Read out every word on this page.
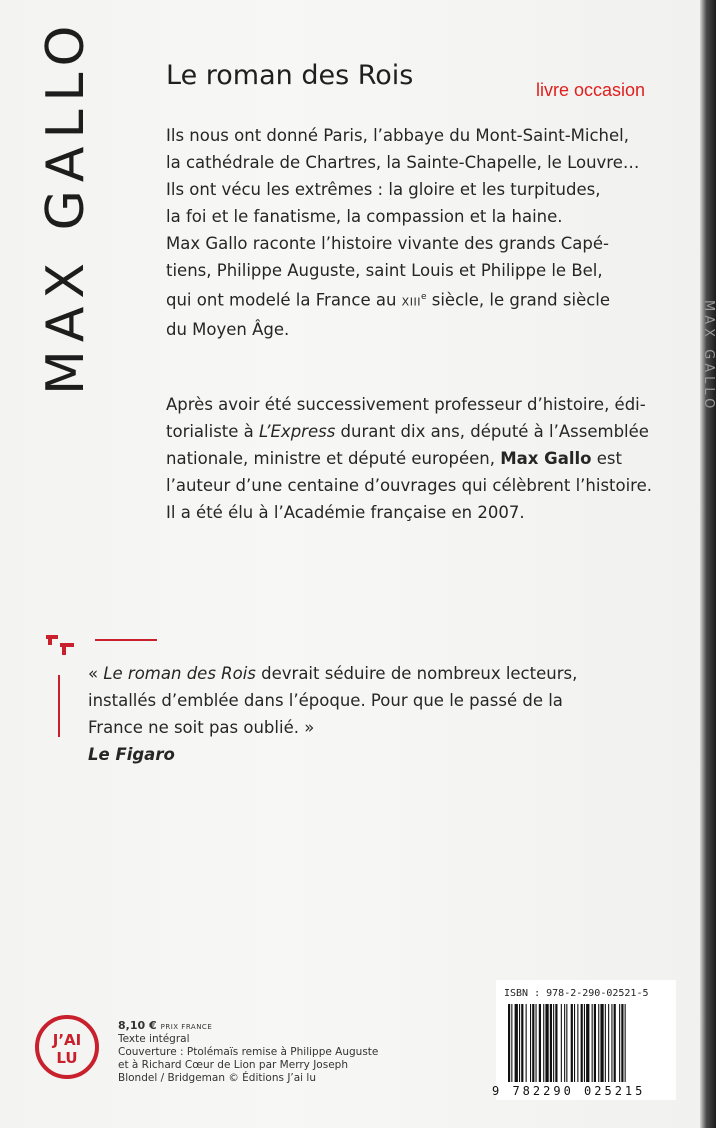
MAX GALLO
MAX GALLO	Le roman des Rois	livre occasion
Ils nous ont donné Paris, l’abbaye du Mont-Saint-Michel,
la cathédrale de Chartres, la Sainte-Chapelle, le Louvre…
Ils ont vécu les extrêmes : la gloire et les turpitudes,
la foi et le fanatisme, la compassion et la haine.
Max Gallo raconte l’histoire vivante des grands Capé-
tiens, Philippe Auguste, saint Louis et Philippe le Bel,
qui ont modelé la France au XIIIe siècle, le grand siècle
du Moyen Âge.
Après avoir été successivement professeur d’histoire, édi-
torialiste à L’Express durant dix ans, député à l’Assemblée
nationale, ministre et député européen, Max Gallo est
l’auteur d’une centaine d’ouvrages qui célèbrent l’histoire.
Il a été élu à l’Académie française en 2007.
« Le roman des Rois devrait séduire de nombreux lecteurs,
installés d’emblée dans l’époque. Pour que le passé de la
France ne soit pas oublié. »
Le Figaro
J’AI
LU
8,10 € PRIX FRANCE
Texte intégral
Couverture : Ptolémaïs remise à Philippe Auguste
et à Richard Cœur de Lion par Merry Joseph
Blondel / Bridgeman © Éditions J’ai lu
ISBN : 978-2-290-02521-5
9 782290 025215
